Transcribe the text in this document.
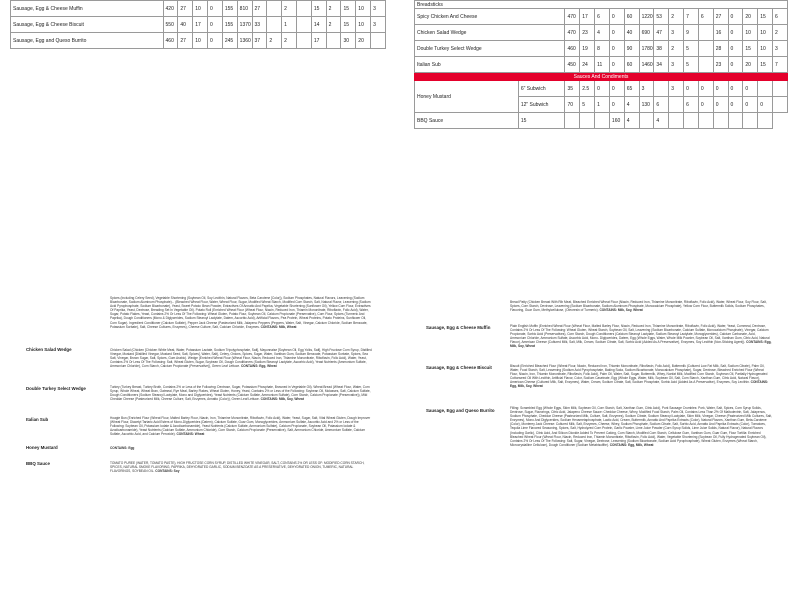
Sausage, Egg & Cheese Muffin	420	27	10	0	155	810	27		2		15	2	15	10	3
Sausage, Egg & Cheese Biscuit	550	40	17	0	155	1370	33		1		14	2	15	10	3
Sausage, Egg and Queso Burrito	460	27	10	0	245	1360	37	2	2		17		30	20	
Breadsticks																
Spicy Chicken And Cheese		470	17	6	0	60	1220	53	2	7	6	27	0	20	15	6
Chicken Salad Wedge		470	23	4	0	40	690	47	3	9		16	0	10	10	2
Double Turkey Select Wedge		460	19	8	0	90	1780	38	2	5		28	0	15	10	3
Italian Sub		450	24	11	0	60	1460	34	3	5		23	0	20	15	7
Sauces And Condiments																
Honey Mustard	6" Subwich	35	2.5	0	0	65	3		3	0	0	0	0	0		
	12" Subwich	70	5	1	0	4	130	6		6	0	0	0	0	0	
BBQ Sauce	15				160	4		4								
Spices (Including Celery Seed), Vegetable Shortening (Soybean Oil, Soy Lecithin, Natural Flavors, Beta Carotene [Color]), Sodium Phosphates, Natural Flavors, Leavening (Sodium Bicarbonate, Sodium Aluminum Phosphate)... (Bleached Wheat Flour, Water, Wheat Flour, Sugar, Modified Wheat Starch, Modified Corn Starch, Salt, Natural Flavor, Leavening (Sodium Acid Pyrophosphate, Sodium Bicarbonate), Yeast, Sweet Potato: Bean Powder, Extractives Of Annatto And Paprika, Vegetable Shortening (Sunflower Oil), Yellow Corn Flour, Extractives Of Paprika, Yeast, Dextrose, Breading Set In Vegetable Oil). Potato Roll (Enriched Wheat Flour (Wheat Flour, Niacin, Reduced Iron, Thiamin Mononitrate, Riboflavin, Folic Acid), Water, Sugar, Potato Flakes, Yeast, Contains 2% Or Less Of The Following: Wheat Gluten, Potato Flour, Soybean Oil, Calcium Propionate (Preservative), Corn Flour, Spices (Turmeric And Paprika), Dough Conditioners (Mono & Diglycerides, Sodium Stearoyl Lactylate, Datem, Ascorbic Acid), Artificial Flavors, Pea Protein, Wheat Proteins, Potato Proteins, Sunflower Oil, Corn Sugar). Ingredient Conditioner (Calcium Sulfate), Pepper Jack Cheese (Pasteurized Milk, Jalapeno Peppers (Peppers, Water, Salt, Vinegar, Calcium Chloride, Sodium Benzoate, Potassium Sorbate), Salt, Cheese Cultures, Enzymes), Cheese Culture, Salt, Calcium Chloride, Enzymes. CONTAINS: Milk, Wheat
Chicken Salad Wedge	Chicken Salad (Chicken [Chicken White Meat, Water, Potassium Lactate, Sodium Tripolyphosphate, Salt], Mayonnaise [Soybean Oil, Egg Yolks, Salt], High Fructose Corn Syrup, Distilled Vinegar, Mustard [Distilled Vinegar, Mustard Seed, Salt, Spices], Water, Salt), Celery, Onions, Spices, Sugar, Water, Xanthan Gum, Sodium Benzoate, Potassium Sorbate, Spices, Sea Salt, Vinegar, Brown Sugar, Salt, Spices, Gum Arabic). Wedge (Enriched Wheat Flour (Wheat Flour, Niacin, Reduced Iron, Thiamine Mononitrate, Riboflavin, Folic Acid), Water, Yeast, Contains 2% Or Less Of The Following: Salt, Wheat Gluten, Sugar, Soybean Oil, Dough Conditioners (Sodium Stearoyl Lactylate, Ascorbic Acid), Yeast Nutrients (Ammonium Sulfate, Ammonium Chloride), Corn Starch, Calcium Propionate (Preservative)), Green Leaf Lettuce. CONTAINS: Egg, Wheat
Double Turkey Select Wedge	Turkey (Turkey Breast, Turkey Broth, Contains 2% or Less of the Following: Dextrose, Sugar, Potassium Phosphate, Browned in Vegetable Oil). Wheat Bread (Wheat Flour, Water, Corn Syrup, Whole Wheat, Wheat Bran, Oatmeal, Rye Meal, Barley Flakes, Wheat Gluten, Honey, Yeast, Contains 2% or Less of the Following: Soybean Oil, Molasses, Salt, Calcium Sulfate, Dough Conditioners (Sodium Stearoyl Lactylate, Mono and Diglycerides), Yeast Nutrients (Calcium Sulfate, Ammonium Sulfate), Corn Starch, Calcium Propionate (Preservative)), Mild Cheddar Cheese (Pasteurized Milk, Cheese Culture, Salt, Enzymes, Annatto (Color)), Green Leaf Lettuce. CONTAINS: Milk, Soy, Wheat
Italian Sub	Hoagie Bun (Enriched Flour (Wheat Flour, Malted Barley Flour, Niacin, Iron, Thiamine Mononitrate, Riboflavin, Folic Acid), Water, Yeast, Sugar, Salt, Vital Wheat Gluten, Dough Improver (Wheat Flour, Diacetyl Tartaric Acid Esters of Mono-Diglycerides (Datem), Calcium Sulfate, Guar Gum, Monoglycerides, Ammonium Sulfate, Ascorbic Acid and 2% or Less of the Following: Soybean Oil, Potassium Iodate & Azodicarbonamide), Yeast Nutrients (Calcium Sulfate, Ammonium Sulfate), Calcium Propionate, Soybean Oil, Potassium Iodate & Azodicarbonamide), Yeast Nutrients (Calcium Sulfate, Ammonium Chloride), Corn Starch, Calcium Propionate (Preservative), Salt, Ammonium Chloride, Ammonium Sulfate, Calcium Sulfate, Ascorbic Acid, and Calcium Peroxide). CONTAINS: Wheat
Honey Mustard	CONTAINS: Egg
BBQ Sauce	TOMATO PUREE (WATER, TOMATO PASTE), HIGH FRUCTOSE CORN SYRUP, DISTILLED WHITE VINEGAR, SALT, CONTAINS 2% OR LESS OF: MODIFIED CORN STARCH, SPICES, NATURAL SMOKE FLAVORING, PAPRIKA, DEHYDRATED GARLIC, SODIUM BENZOATE AS A PRESERVATIVE, DEHYDRATED ONION, TUMERIC, NATURAL FLAVORINGS, SOYBEAN OIL. CONTAINS: Soy
Bread Patty (Chicken Breast With Rib Meat, Bleached Enriched Wheat Flour (Niacin, Reduced Iron, Thiamine Mononitrate, Riboflavin, Folic Acid), Water, Wheat Flour, Soy Flour, Salt, Spices, Corn Starch, Dextrose, Leavening (Sodium Bicarbonate, Sodium Aluminum Phosphate, Monocalcium Phosphate), Yellow Corn Flour, Buttermilk Solids, Sodium Phosphates, Flavoring, Guar Gum, Methylcellulose, (Oleoresin of Turmeric). CONTAINS: Milk, Soy, Wheat
Sausage, Egg & Cheese Muffin	Plain English Muffin (Enriched Wheat Flour (Wheat Flour, Malted Barley Flour, Niacin, Reduced Iron, Thiamine Mononitrate, Riboflavin, Folic Acid), Water, Yeast, Cornmeal, Dextrose, Contains 2% Or Less Of The Following: Wheat Gluten, Wheat Starch, Soybean Oil, Salt, Leavening (Sodium Bicarbonate, Calcium Sulfate, Monocalcium Phosphate), Vinegar, Calcium Propionate, Sorbic Acid (Preservatives), Corn Starch, Dough Conditioners (Calcium Stearoyl Lactylate, Sodium Stearoyl Lactylate, Monoglycerides), Calcium Carbonate, Acid, Ammonium Chloride, Ammonium Sulfate, Ascorbic Acid, Mono- Diglycerides, Datem, Egg (Whole Eggs, Water, Whole Milk Powder, Soybean Oil, Salt, Xanthan Gum, Citric Acid, Natural Flavor), American Cheese (Cultured Milk, Salt, Milk, Cream, Sodium Citrate, Salt, Sorbic Acid (Added As A Preservative), Enzymes, Soy Lecithin (Non-Sticking Agent)). CONTAINS: Egg, Milk, Soy, Wheat
Sausage, Egg & Cheese Biscuit	Biscuit (Enriched Bleached Flour (Wheat Flour, Niacin, Reduced Iron, Thiamin Mononitrate, Riboflavin, Folic Acid), Buttermilk (Cultured Low Fat Milk, Salt, Sodium Citrate), Palm Oil, Water, Food Starch, Salt, Leavening (Sodium Acid Pyrophosphate, Baking Soda, Sodium Bicarbonate, Monocalcium Phosphate), Sugar, Dextrose, Bleached Enriched Flour (Wheat Flour, Niacin, Iron, Thiamin Mononitrate, Riboflavin, Folic Acid), Palm Oil, Water, Salt, Sugar, Buttermilk, Whey, Nonfat Milk, Modified Corn Starch, Soybean Oil, Partially Hydrogenated Cottonseed Oil With Lecithin, Artificial Flavor, Color, Sodium Caseinate, Egg (Whole Eggs, Water, Milk, Soybean Oil, Salt, Corn Starch, Xanthan Gum, Citric Acid, Natural Flavor), American Cheese (Cultured Milk, Salt, Enzymes), Water, Cream, Sodium Citrate, Salt, Sodium Phosphate, Sorbic Acid (Added As A Preservative), Enzymes, Soy Lecithin. CONTAINS: Egg, Milk, Soy, Wheat
Sausage, Egg and Queso Burrito	Filling: Scrambled Egg (Whole Eggs, Skim Milk, Soybean Oil, Corn Starch, Salt, Xanthan Gum, Citric Acid), Pork Sausage Crumbles: Pork, Water, Salt, Spices, Corn Syrup Solids, Dextrose, Sugar, Flavorings, Citric Acid, Jalapeno Cheese Sauce: Cheddar Cheese, Whey, Modified Food Starch, Palm Oil, Contains Less Than 2% Of Maltodextrin, Salt, Jalapenos, Sodium Phosphate, Cheddar Cheese (Pasteurized Milk, Culture, Salt, Enzymes), Sodium Citrate, Sodium Stearoyl Lactylate, Skim Milk, Vinegar, Cheese (Pasteurized Milk Cultures, Salt, Enzymes), Mono And Diglycerides, Sodium Hexametaphosphate, Lactic Acid, Cream, Buttermilk, Annatto And Paprika Extracts (Color), Natural Flavors, Xanthan Gum, Beta-Carotene (Color), Monterey Jack Cheese: Cultured Milk, Salt, Enzymes, Cheese, Whey, Sodium Phosphate, Sodium Citrate, Salt, Sorbic Acid, Annatto And Paprika Extracts (Color), Tomatoes, Tequila Lime Flavored Seasoning, Spices, Salt, Hydrolyzed Corn Protein, Garlic Powder, Lime Juice Powder (Corn Syrup Solids, Lime Juice Solids, Natural Flavor), Natural Flavors (Including Garlic), Citric Acid, And Silicon Dioxide Added To Prevent Caking, Corn Starch, Modified Corn Starch, Cellulose Gum, Xanthan Gum, Guar Gum, Flour Tortilla: Enriched Bleached Wheat Flour (Wheat Flour, Niacin, Reduced Iron, Thiamin Mononitrate, Riboflavin, Folic Acid), Water, Vegetable Shortening (Soybean Oil, Fully Hydrogenated Soybean Oil), Contains 2% Or Less Of The Following: Salt, Sugar, Vinegar, Dextrose, Leavening (Sodium Bicarbonate, Sodium Acid Pyrophosphate), Wheat Gluten, Enzymes (Wheat Starch, Microcrystalline Cellulose), Dough Conditioner (Sodium Metabisulfite). CONTAINS: Egg, Milk, Wheat
